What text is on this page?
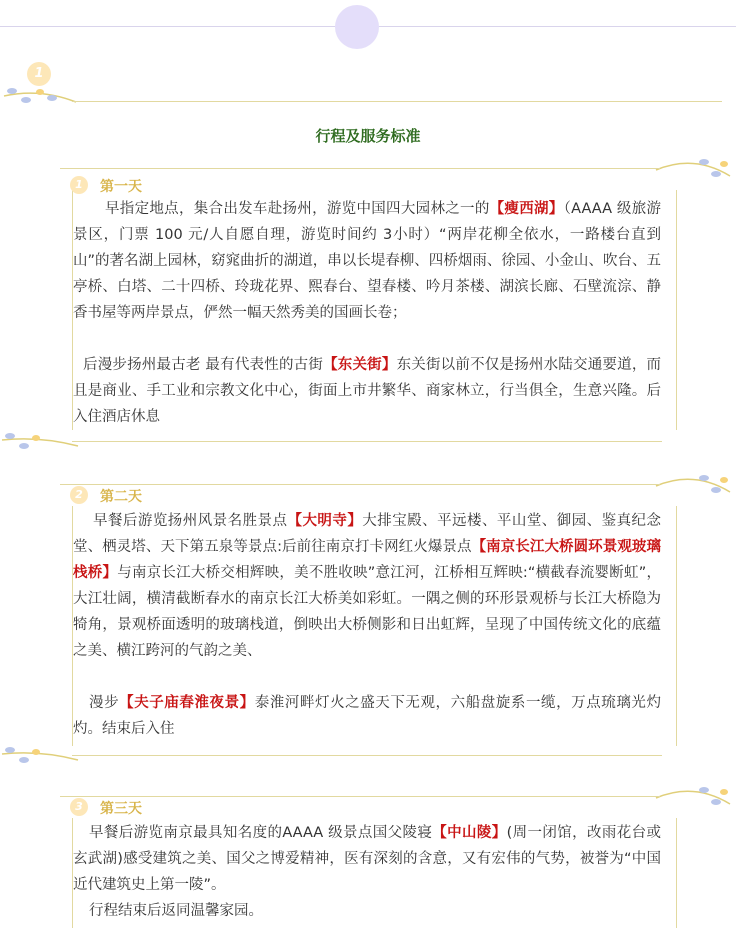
1
行程及服务标准
1	第一天
早指定地点，集合出发车赴扬州，游览中国四大园林之一的【瘦西湖】（AAAA 级旅游景区，门票 100 元/人自愿自理，游览时间约 3小时）“两岸花柳全依水，一路楼台直到山”的著名湖上园林，窈窕曲折的湖道，串以长堤春柳、四桥烟雨、徐园、小金山、吹台、五亭桥、白塔、二十四桥、玲珑花界、熙春台、望春楼、吟月茶楼、湖滨长廊、石壁流淙、静香书屋等两岸景点，俨然一幅天然秀美的国画长卷；
后漫步扬州最古老 最有代表性的古街【东关街】东关街以前不仅是扬州水陆交通要道，而且是商业、手工业和宗教文化中心，街面上市井繁华、商家林立，行当俱全，生意兴隆。后入住酒店休息
2	第二天
早餐后游览扬州风景名胜景点【大明寺】大排宝殿、平远楼、平山堂、御园、鉴真纪念堂、栖灵塔、天下第五泉等景点:后前往南京打卡网红火爆景点【南京长江大桥圆环景观玻璃栈桥】与南京长江大桥交相辉映，美不胜收映”意江河，江桥相互辉映:“横截春流婴断虹”，大江壮阔，横清截断春水的南京长江大桥美如彩虹。一隅之侧的环形景观桥与长江大桥隐为犄角，景观桥面透明的玻璃栈道，倒映出大桥侧影和日出虹辉，呈现了中国传统文化的底蕴之美、横江跨河的气韵之美、
漫步【夫子庙春淮夜景】泰淮河畔灯火之盛天下无观，六船盘旋系一缆，万点琉璃光灼灼。结束后入住
3	第三天
早餐后游览南京最具知名度的AAAA 级景点国父陵寝【中山陵】(周一闭馆，改雨花台或玄武湖)感受建筑之美、国父之博爱精神，医有深刻的含意，又有宏伟的气势，被誉为“中国近代建筑史上第一陵”。
行程结束后返同温馨家园。
